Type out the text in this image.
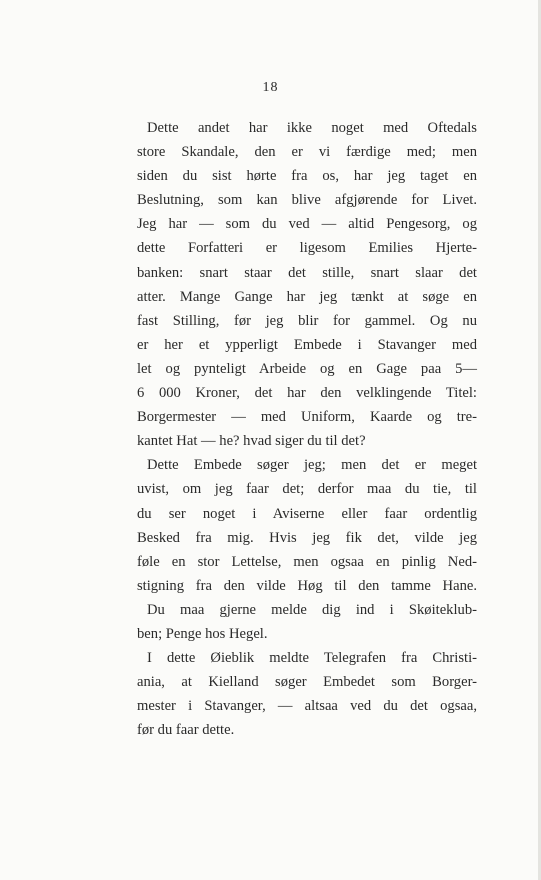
18
Dette andet har ikke noget med Oftedals
store Skandale, den er vi færdige med; men
siden du sist hørte fra os, har jeg taget en
Beslutning, som kan blive afgjørende for Livet.
Jeg har — som du ved — altid Pengesorg, og
dette Forfatteri er ligesom Emilies Hjerte-
banken: snart staar det stille, snart slaar det
atter. Mange Gange har jeg tænkt at søge en
fast Stilling, før jeg blir for gammel. Og nu
er her et ypperligt Embede i Stavanger med
let og pynteligt Arbeide og en Gage paa 5—
6 000 Kroner, det har den velklingende Titel:
Borgermester — med Uniform, Kaarde og tre-
kantet Hat — he? hvad siger du til det?
Dette Embede søger jeg; men det er meget
uvist, om jeg faar det; derfor maa du tie, til
du ser noget i Aviserne eller faar ordentlig
Besked fra mig. Hvis jeg fik det, vilde jeg
føle en stor Lettelse, men ogsaa en pinlig Ned-
stigning fra den vilde Høg til den tamme Hane.
Du maa gjerne melde dig ind i Skøiteklub-
ben; Penge hos Hegel.
I dette Øieblik meldte Telegrafen fra Christi-
ania, at Kielland søger Embedet som Borger-
mester i Stavanger, — altsaa ved du det ogsaa,
før du faar dette.
